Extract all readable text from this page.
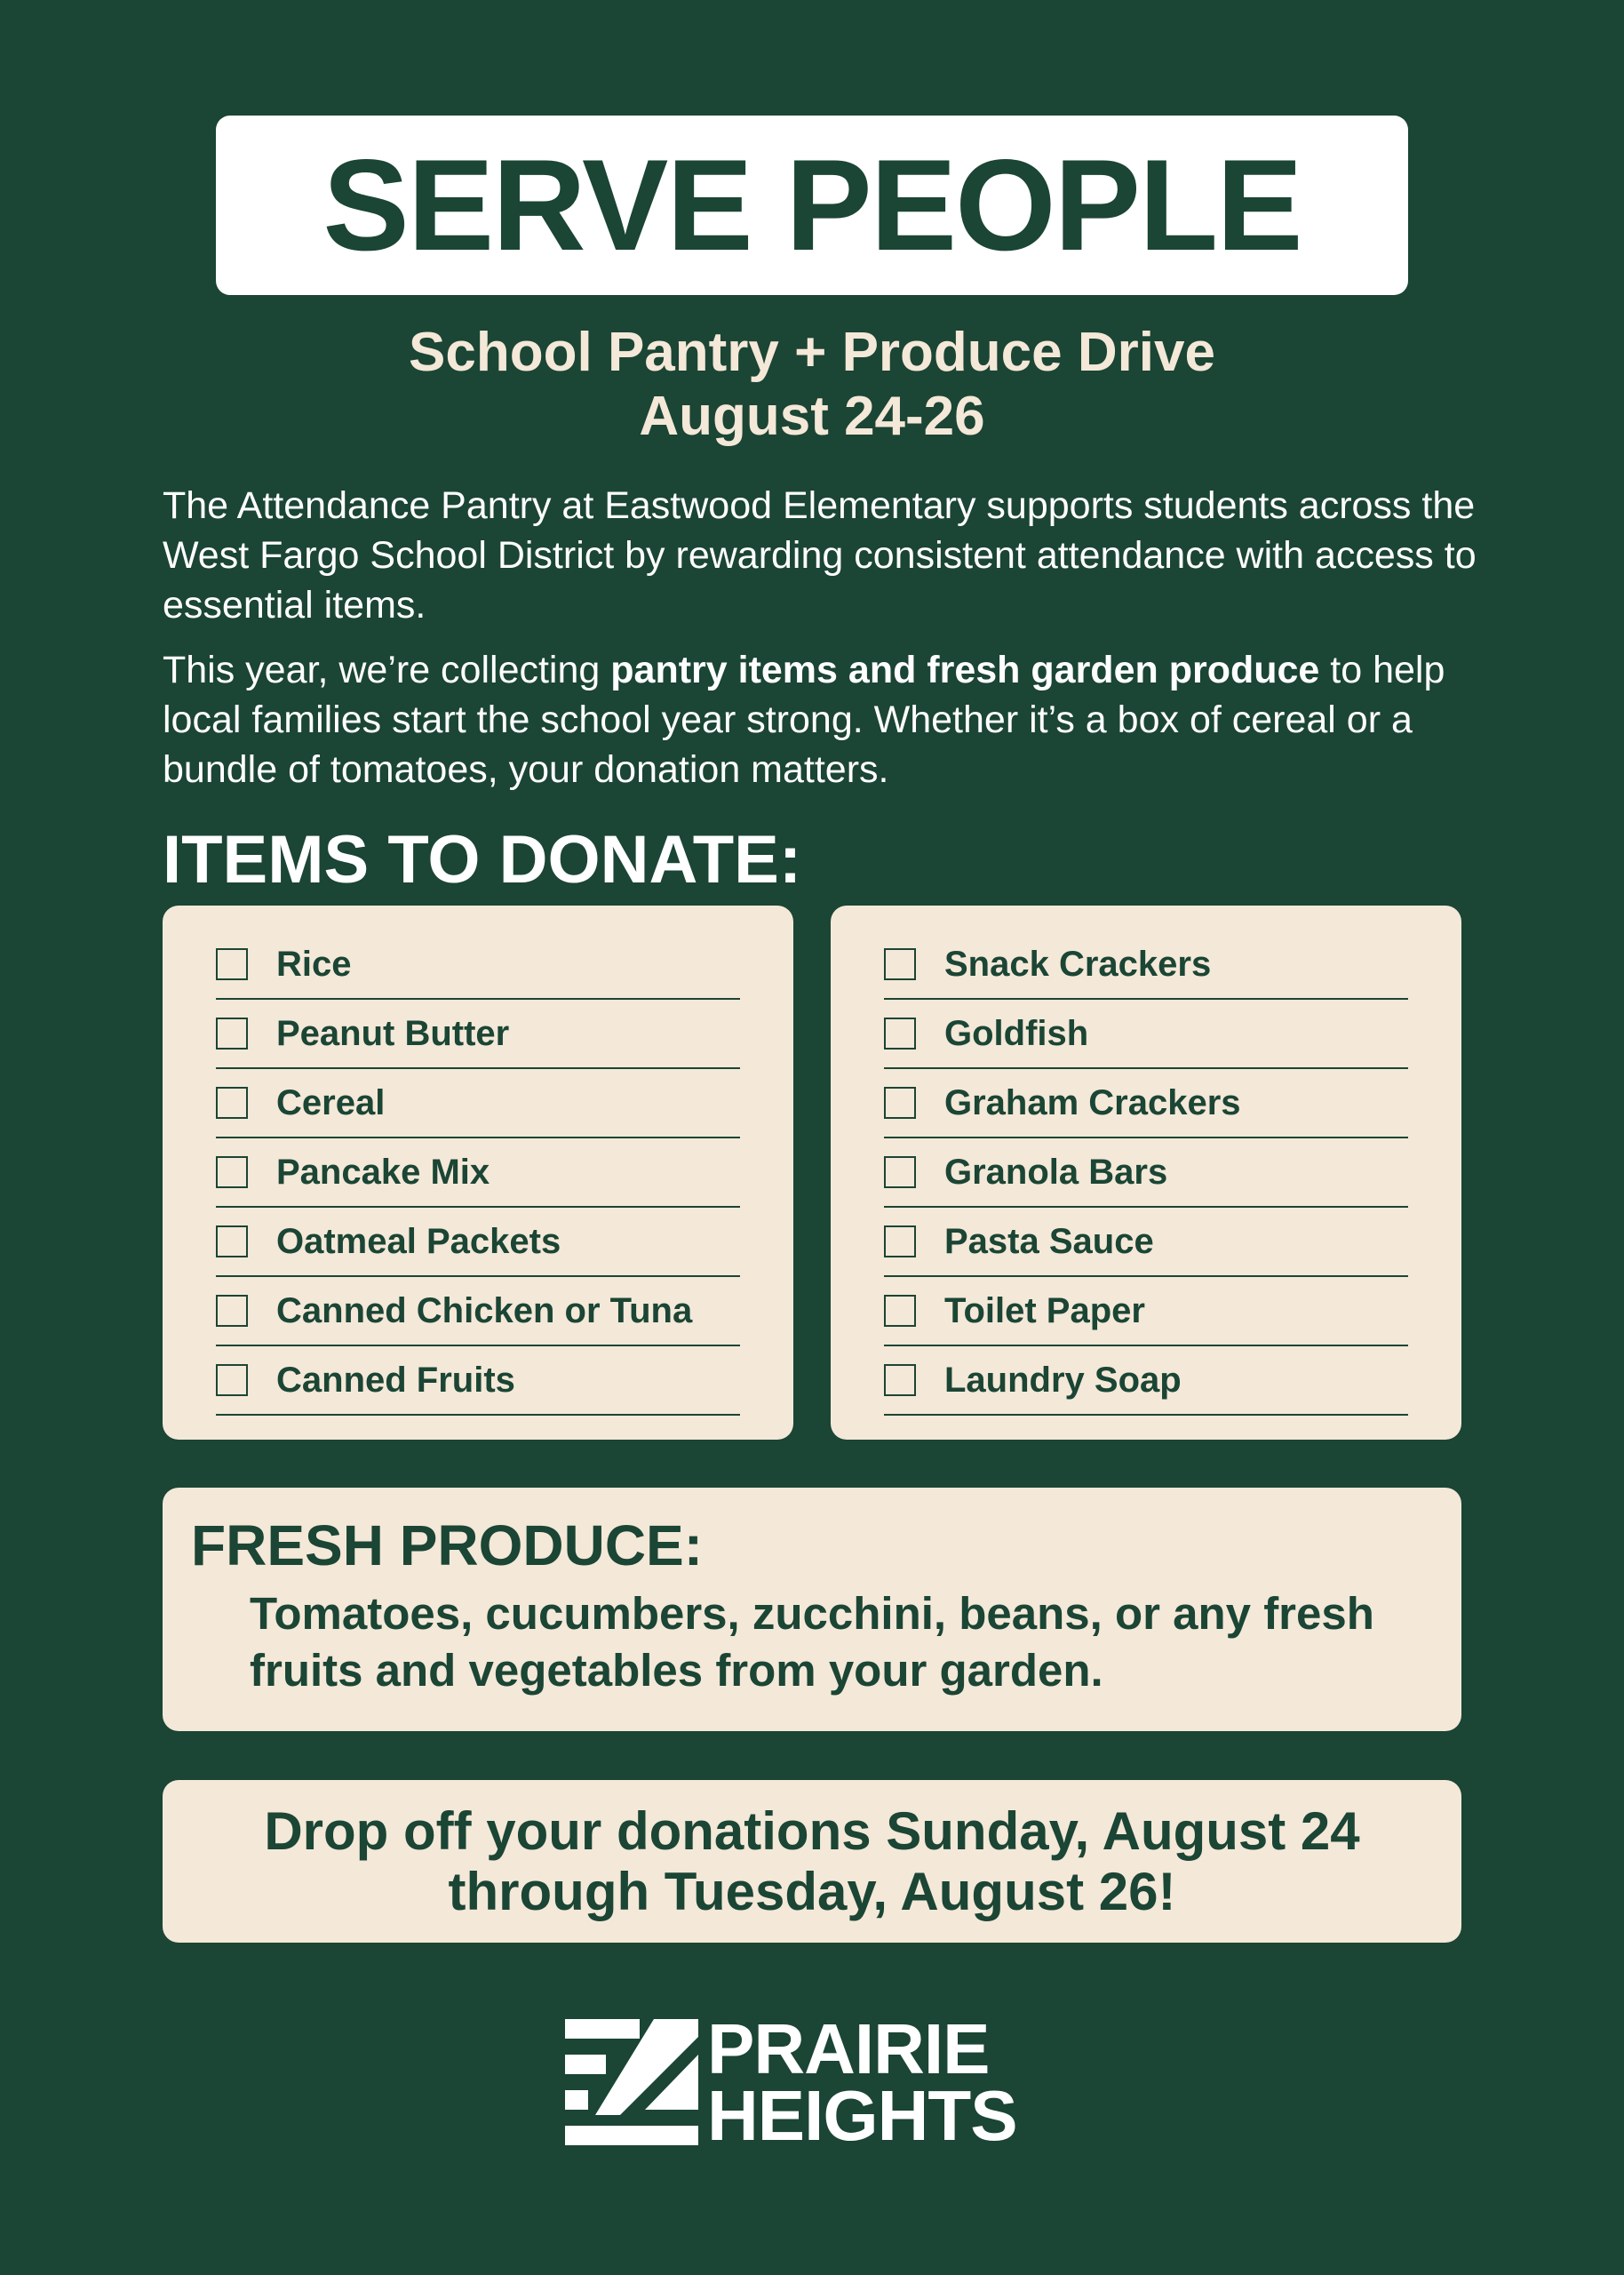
SERVE PEOPLE
School Pantry + Produce Drive
August 24-26
The Attendance Pantry at Eastwood Elementary supports students across the West Fargo School District by rewarding consistent attendance with access to essential items.
This year, we’re collecting pantry items and fresh garden produce to help local families start the school year strong. Whether it’s a box of cereal or a bundle of tomatoes, your donation matters.
ITEMS TO DONATE:
Rice
Peanut Butter
Cereal
Pancake Mix
Oatmeal Packets
Canned Chicken or Tuna
Canned Fruits
Snack Crackers
Goldfish
Graham Crackers
Granola Bars
Pasta Sauce
Toilet Paper
Laundry Soap
FRESH PRODUCE:
Tomatoes, cucumbers, zucchini, beans, or any fresh fruits and vegetables from your garden.
Drop off your donations Sunday, August 24
through Tuesday, August 26!
PRAIRIE
HEIGHTS
